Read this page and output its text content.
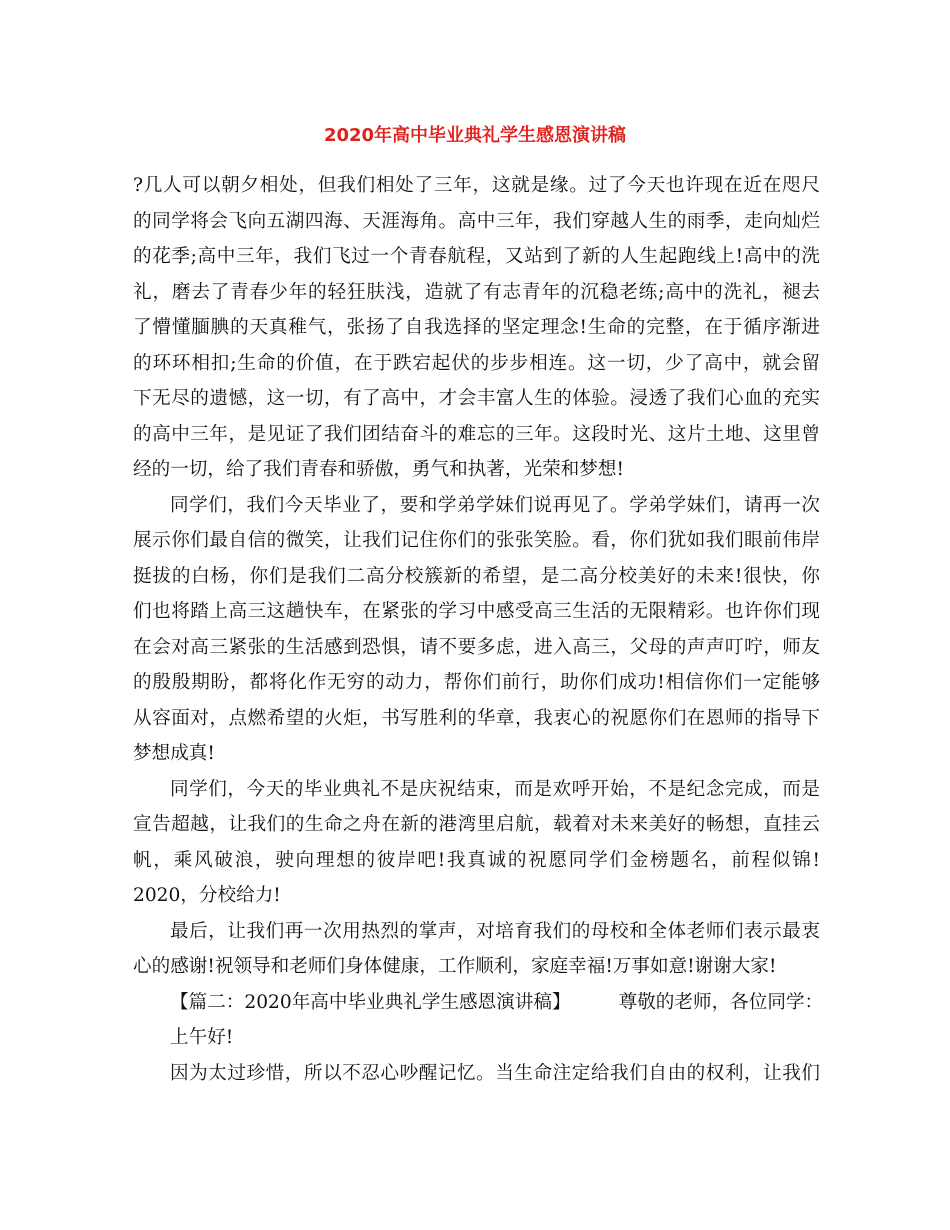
2020年高中毕业典礼学生感恩演讲稿
?几人可以朝夕相处，但我们相处了三年，这就是缘。过了今天也许现在近在咫尺
的同学将会飞向五湖四海、天涯海角。高中三年，我们穿越人生的雨季，走向灿烂
的花季;高中三年，我们飞过一个青春航程，又站到了新的人生起跑线上!高中的洗
礼，磨去了青春少年的轻狂肤浅，造就了有志青年的沉稳老练;高中的洗礼，褪去
了懵懂腼腆的天真稚气，张扬了自我选择的坚定理念!生命的完整，在于循序渐进
的环环相扣;生命的价值，在于跌宕起伏的步步相连。这一切，少了高中，就会留
下无尽的遗憾，这一切，有了高中，才会丰富人生的体验。浸透了我们心血的充实
的高中三年，是见证了我们团结奋斗的难忘的三年。这段时光、这片土地、这里曾
经的一切，给了我们青春和骄傲，勇气和执著，光荣和梦想!
同学们，我们今天毕业了，要和学弟学妹们说再见了。学弟学妹们，请再一次
展示你们最自信的微笑，让我们记住你们的张张笑脸。看，你们犹如我们眼前伟岸
挺拔的白杨，你们是我们二高分校簇新的希望，是二高分校美好的未来!很快，你
们也将踏上高三这趟快车，在紧张的学习中感受高三生活的无限精彩。也许你们现
在会对高三紧张的生活感到恐惧，请不要多虑，进入高三，父母的声声叮咛，师友
的殷殷期盼，都将化作无穷的动力，帮你们前行，助你们成功!相信你们一定能够
从容面对，点燃希望的火炬，书写胜利的华章，我衷心的祝愿你们在恩师的指导下
梦想成真!
同学们，今天的毕业典礼不是庆祝结束，而是欢呼开始，不是纪念完成，而是
宣告超越，让我们的生命之舟在新的港湾里启航，载着对未来美好的畅想，直挂云
帆，乘风破浪，驶向理想的彼岸吧!我真诚的祝愿同学们金榜题名，前程似锦!
2020，分校给力!
最后，让我们再一次用热烈的掌声，对培育我们的母校和全体老师们表示最衷
心的感谢!祝领导和老师们身体健康，工作顺利，家庭幸福!万事如意!谢谢大家!
【篇二：2020年高中毕业典礼学生感恩演讲稿】	尊敬的老师，各位同学：
上午好!
因为太过珍惜，所以不忍心吵醒记忆。当生命注定给我们自由的权利，让我们
